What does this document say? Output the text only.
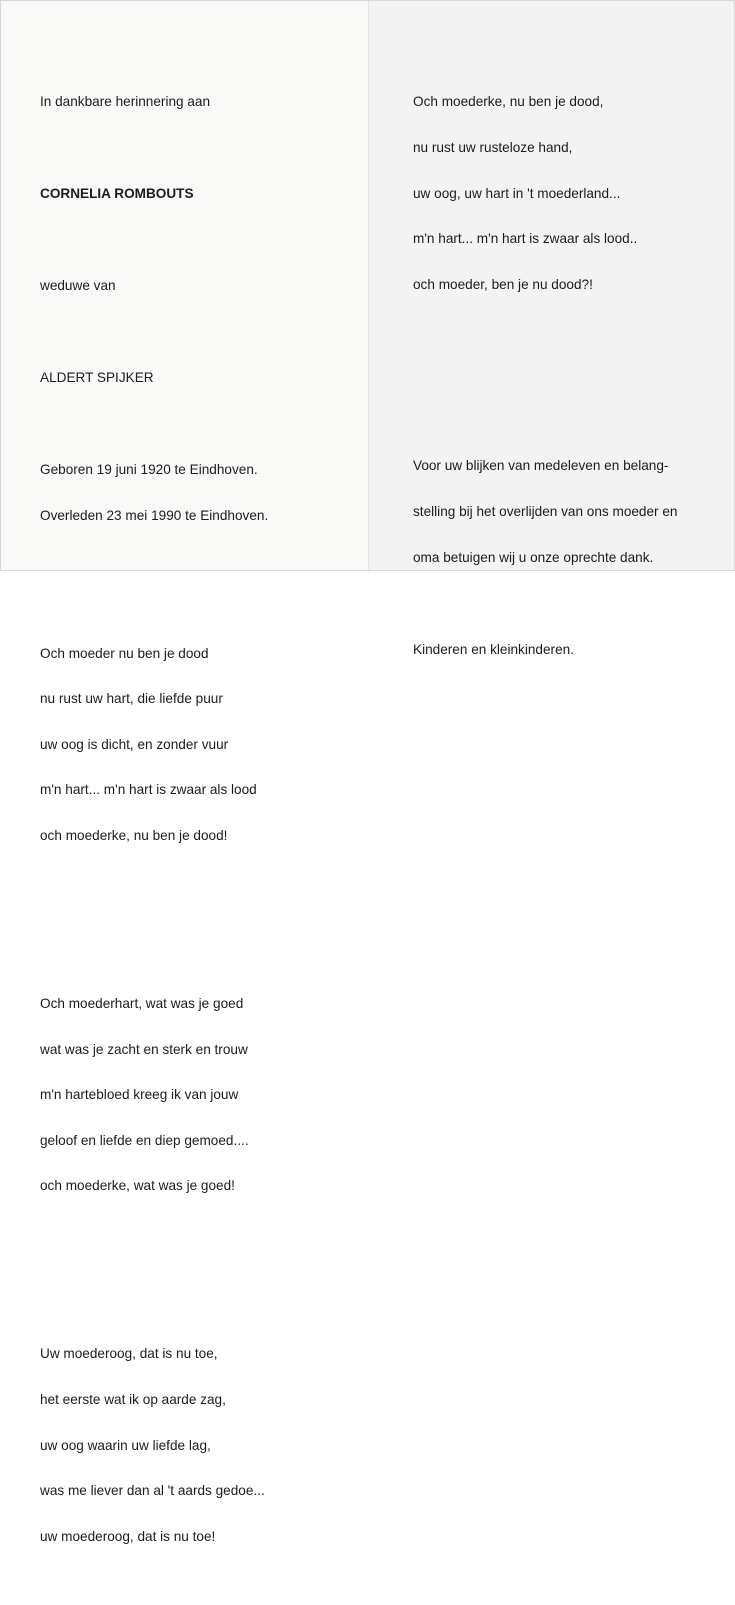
In dankbare herinnering aan

CORNELIA ROMBOUTS

weduwe van

ALDERT SPIJKER

Geboren 19 juni 1920 te Eindhoven.

Overleden 23 mei 1990 te Eindhoven.

Och moeder nu ben je dood

nu rust uw hart, die liefde puur

uw oog is dicht, en zonder vuur

m'n hart... m'n hart is zwaar als lood

och moederke, nu ben je dood!

Och moederhart, wat was je goed

wat was je zacht en sterk en trouw

m'n hartebloed kreeg ik van jouw

geloof en liefde en diep gemoed....

och moederke, wat was je goed!

Uw moederoog, dat is nu toe,

het eerste wat ik op aarde zag,

uw oog waarin uw liefde lag,

was me liever dan al 't aards gedoe...

uw moederoog, dat is nu toe!

Och moederke, nu ben je dood,

nu rust uw rusteloze hand,

uw oog, uw hart in 't moederland...

m'n hart... m'n hart is zwaar als lood..

och moeder, ben je nu dood?!

Voor uw blijken van medeleven en belang-

stelling bij het overlijden van ons moeder en

oma betuigen wij u onze oprechte dank.

Kinderen en kleinkinderen.
